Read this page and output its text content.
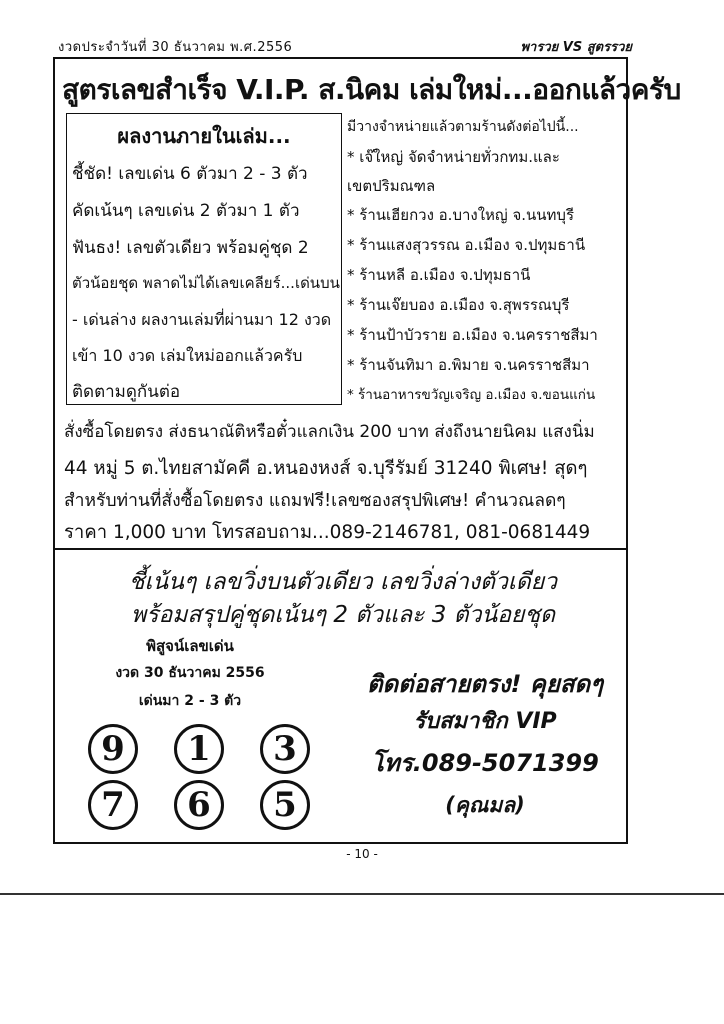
งวดประจำวันที่ 30 ธันวาคม พ.ศ.2556	พารวย VS สูตรรวย
สูตรเลขสำเร็จ V.I.P. ส.นิคม เล่มใหม่...ออกแล้วครับ
ผลงานภายในเล่ม...
ชี้ชัด! เลขเด่น 6 ตัวมา 2 - 3 ตัว
คัดเน้นๆ เลขเด่น 2 ตัวมา 1 ตัว
ฟันธง! เลขตัวเดียว พร้อมคู่ชุด 2
ตัวน้อยชุด พลาดไม่ได้เลขเคลียร์...เด่นบน
- เด่นล่าง ผลงานเล่มที่ผ่านมา 12 งวด
เข้า 10 งวด เล่มใหม่ออกแล้วครับ
ติดตามดูกันต่อ
มีวางจำหน่ายแล้วตามร้านดังต่อไปนี้...
* เจ๊ใหญ่ จัดจำหน่ายทั่วกทม.และ
เขตปริมณฑล
* ร้านเฮียกวง อ.บางใหญ่ จ.นนทบุรี
* ร้านแสงสุวรรณ อ.เมือง จ.ปทุมธานี
* ร้านหลี อ.เมือง จ.ปทุมธานี
* ร้านเจ๊ยบอง อ.เมือง จ.สุพรรณบุรี
* ร้านป้าบัวราย อ.เมือง จ.นครราชสีมา
* ร้านจันทิมา อ.พิมาย จ.นครราชสีมา
* ร้านอาหารขวัญเจริญ อ.เมือง จ.ขอนแก่น
สั่งซื้อโดยตรง ส่งธนาณัติหรือตั๋วแลกเงิน 200 บาท ส่งถึงนายนิคม แสงนิ่ม
44 หมู่ 5 ต.ไทยสามัคคี อ.หนองหงส์ จ.บุรีรัมย์ 31240 พิเศษ! สุดๆ
สำหรับท่านที่สั่งซื้อโดยตรง แถมฟรี!เลขซองสรุปพิเศษ! คำนวณลดๆ
ราคา 1,000 บาท โทรสอบถาม...089-2146781, 081-0681449
ชี้เน้นๆ เลขวิ่งบนตัวเดียว เลขวิ่งล่างตัวเดียว
พร้อมสรุปคู่ชุดเน้นๆ 2 ตัวและ 3 ตัวน้อยชุด
พิสูจน์เลขเด่น
งวด 30 ธันวาคม 2556
เด่นมา 2 - 3 ตัว
9	1	3
7	6	5
ติดต่อสายตรง! คุยสดๆ
รับสมาชิก VIP
โทร.089-5071399
(คุณมล)
- 10 -
